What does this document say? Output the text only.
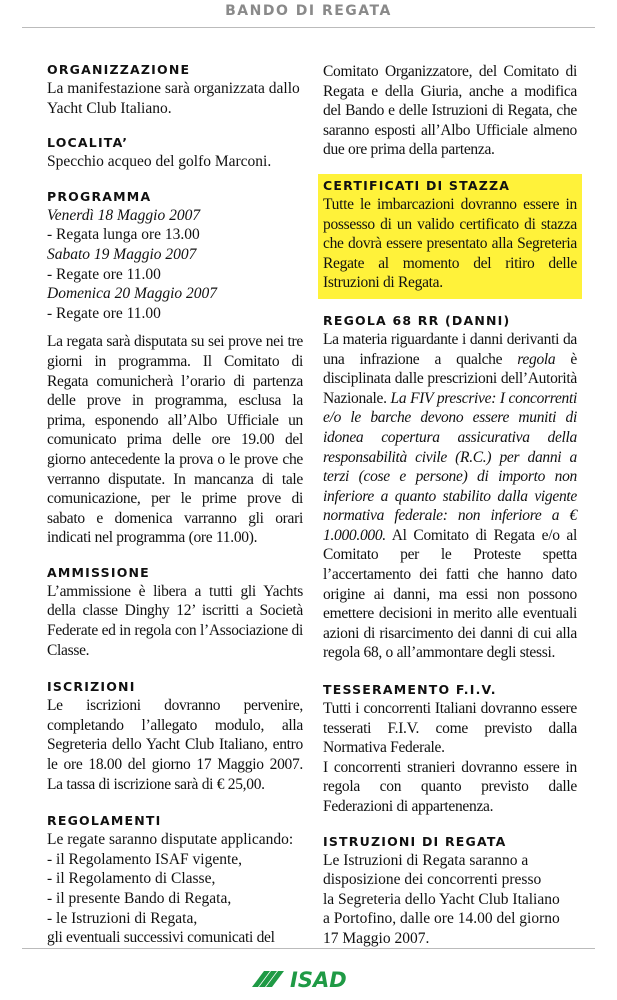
BANDO DI REGATA
ORGANIZZAZIONE
La manifestazione sarà organizzata dallo Yacht Club Italiano.
LOCALITA’
Specchio acqueo del golfo Marconi.
PROGRAMMA
Venerdì 18 Maggio 2007
- Regata lunga ore 13.00
Sabato 19 Maggio 2007
- Regate ore 11.00
Domenica 20 Maggio 2007
- Regate ore 11.00
La regata sarà disputata su sei prove nei tre giorni in programma. Il Comitato di Regata comunicherà l’orario di partenza delle prove in programma, esclusa la prima, esponendo all’Albo Ufficiale un comunicato prima delle ore 19.00 del giorno antecedente la prova o le prove che verranno disputate. In mancanza di tale comunicazione, per le prime prove di sabato e domenica varranno gli orari indicati nel programma (ore 11.00).
AMMISSIONE
L’ammissione è libera a tutti gli Yachts della classe Dinghy 12’ iscritti a Società Federate ed in regola con l’Associazione di Classe.
ISCRIZIONI
Le iscrizioni dovranno pervenire, completando l’allegato modulo, alla Segreteria dello Yacht Club Italiano, entro le ore 18.00 del giorno 17 Maggio 2007. La tassa di iscrizione sarà di € 25,00.
REGOLAMENTI
Le regate saranno disputate applicando:
- il Regolamento ISAF vigente,
- il Regolamento di Classe,
- il presente Bando di Regata,
- le Istruzioni di Regata,
gli eventuali successivi comunicati del
Comitato Organizzatore, del Comitato di Regata e della Giuria, anche a modifica del Bando e delle Istruzioni di Regata, che saranno esposti all’Albo Ufficiale almeno due ore prima della partenza.
CERTIFICATI DI STAZZA
Tutte le imbarcazioni dovranno essere in possesso di un valido certificato di stazza che dovrà essere presentato alla Segreteria Regate al momento del ritiro delle Istruzioni di Regata.
REGOLA 68 RR (DANNI)
La materia riguardante i danni derivanti da una infrazione a qualche regola è disciplinata dalle prescrizioni dell’Autorità Nazionale. La FIV prescrive: I concorrenti e/o le barche devono essere muniti di idonea copertura assicurativa della responsabilità civile (R.C.) per danni a terzi (cose e persone) di importo non inferiore a quanto stabilito dalla vigente normativa federale: non inferiore a € 1.000.000. Al Comitato di Regata e/o al Comitato per le Proteste spetta l’accertamento dei fatti che hanno dato origine ai danni, ma essi non possono emettere decisioni in merito alle eventuali azioni di risarcimento dei danni di cui alla regola 68, o all’ammontare degli stessi.
TESSERAMENTO F.I.V.
Tutti i concorrenti Italiani dovranno essere tesserati F.I.V. come previsto dalla Normativa Federale.
I concorrenti stranieri dovranno essere in regola con quanto previsto dalle Federazioni di appartenenza.
ISTRUZIONI DI REGATA
Le Istruzioni di Regata saranno a
disposizione dei concorrenti presso
la Segreteria dello Yacht Club Italiano
a Portofino, dalle ore 14.00 del giorno
17 Maggio 2007.
ISAD
